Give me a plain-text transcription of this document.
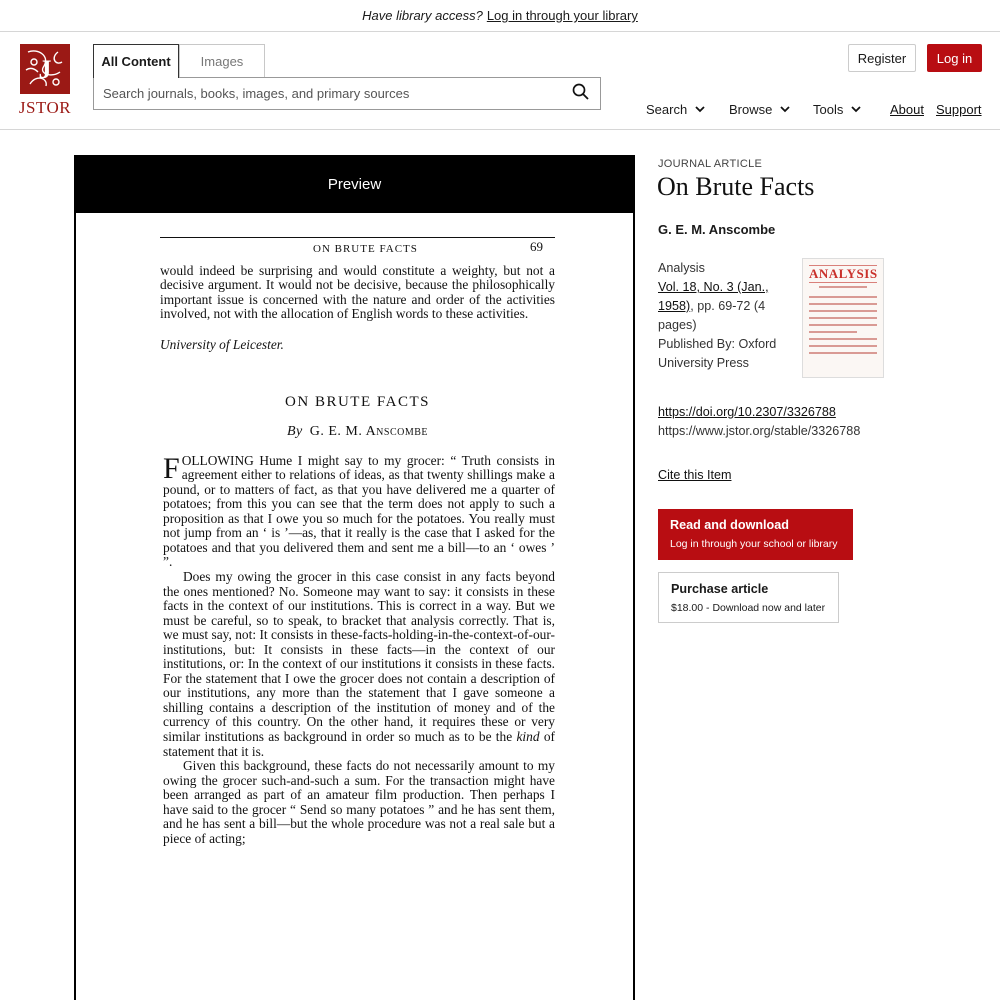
Have library access? Log in through your library
J
JSTOR
All Content	Images
Search journals, books, images, and primary sources	Register	Log in
Search	Browse	Tools	About Support
Preview
ON BRUTE FACTS	69
would indeed be surprising and would constitute a weighty, but not a decisive argument. It would not be decisive, because the philosophically important issue is concerned with the nature and order of the activities involved, not with the allocation of English words to these activities.
University of Leicester.
ON BRUTE FACTS
By G. E. M. Anscombe

FOLLOWING Hume I might say to my grocer: “ Truth consists in agreement either to relations of ideas, as that twenty shillings make a pound, or to matters of fact, as that you have delivered me a quarter of potatoes; from this you can see that the term does not apply to such a proposition as that I owe you so much for the potatoes. You really must not jump from an ‘ is ’—as, that it really is the case that I asked for the potatoes and that you delivered them and sent me a bill—to an ‘ owes ’ ”.

Does my owing the grocer in this case consist in any facts beyond the ones mentioned? No. Someone may want to say: it consists in these facts in the context of our institutions. This is correct in a way. But we must be careful, so to speak, to bracket that analysis correctly. That is, we must say, not: It consists in these-facts-holding-in-the-context-of-our-institutions, but: It consists in these facts—in the context of our institutions, or: In the context of our institutions it consists in these facts. For the statement that I owe the grocer does not contain a description of our institutions, any more than the statement that I gave someone a shilling contains a description of the institution of money and of the currency of this country. On the other hand, it requires these or very similar institutions as background in order so much as to be the kind of statement that it is.

Given this background, these facts do not necessarily amount to my owing the grocer such-and-such a sum. For the transaction might have been arranged as part of an amateur film production. Then perhaps I have said to the grocer “ Send so many potatoes ” and he has sent them, and he has sent a bill—but the whole procedure was not a real sale but a piece of acting;

JOURNAL ARTICLE
On Brute Facts
G. E. M. Anscombe
Analysis
Vol. 18, No. 3 (Jan., 1958), pp. 69-72 (4 pages)
Published By: Oxford University Press
ANALYSIS
https://doi.org/10.2307/3326788
https://www.jstor.org/stable/3326788
Cite this Item
Read and download
Log in through your school or library
Purchase article
$18.00 - Download now and later
